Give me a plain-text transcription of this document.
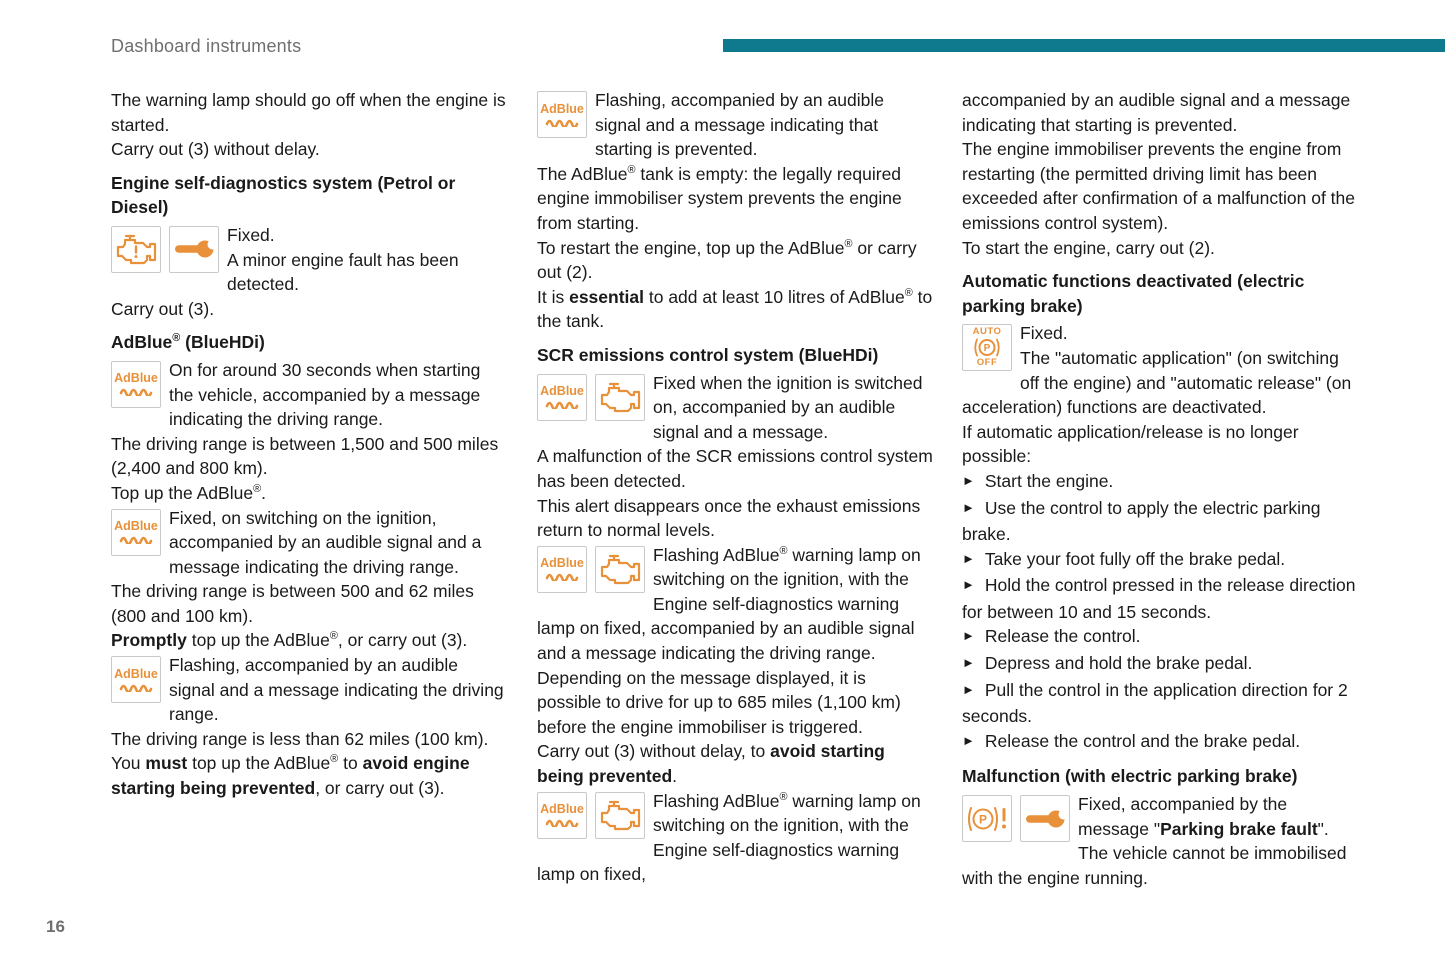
Dashboard instruments
The warning lamp should go off when the engine is started.
Carry out (3) without delay.
Engine self-diagnostics system (Petrol or Diesel)
Fixed.
A minor engine fault has been detected.
Carry out (3).
AdBlue® (BlueHDi)
AdBlue On for around 30 seconds when starting the vehicle, accompanied by a message indicating the driving range.
The driving range is between 1,500 and 500 miles (2,400 and 800 km).
Top up the AdBlue®.
AdBlue Fixed, on switching on the ignition, accompanied by an audible signal and a message indicating the driving range.
The driving range is between 500 and 62 miles (800 and 100 km).
Promptly top up the AdBlue®, or carry out (3).
AdBlue Flashing, accompanied by an audible signal and a message indicating the driving range.
The driving range is less than 62 miles (100 km).
You must top up the AdBlue® to avoid engine starting being prevented, or carry out (3).
AdBlue Flashing, accompanied by an audible signal and a message indicating that starting is prevented.
The AdBlue® tank is empty: the legally required engine immobiliser system prevents the engine from starting.
To restart the engine, top up the AdBlue® or carry out (2).
It is essential to add at least 10 litres of AdBlue® to the tank.
SCR emissions control system (BlueHDi)
AdBlue	Fixed when the ignition is switched on, accompanied by an audible signal and a message.
A malfunction of the SCR emissions control system has been detected.
This alert disappears once the exhaust emissions return to normal levels.
AdBlue	Flashing AdBlue® warning lamp on switching on the ignition, with the Engine self-diagnostics warning lamp on fixed, accompanied by an audible signal and a message indicating the driving range.
Depending on the message displayed, it is possible to drive for up to 685 miles (1,100 km) before the engine immobiliser is triggered.
Carry out (3) without delay, to avoid starting being prevented.
AdBlue	Flashing AdBlue® warning lamp on switching on the ignition, with the Engine self-diagnostics warning lamp on fixed,
accompanied by an audible signal and a message indicating that starting is prevented.
The engine immobiliser prevents the engine from restarting (the permitted driving limit has been exceeded after confirmation of a malfunction of the emissions control system).
To start the engine, carry out (2).
Automatic functions deactivated (electric parking brake)
AUTO
P
OFF
Fixed.
The "automatic application" (on switching off the engine) and "automatic release" (on acceleration) functions are deactivated.
If automatic application/release is no longer possible:
► Start the engine.
► Use the control to apply the electric parking brake.
► Take your foot fully off the brake pedal.
► Hold the control pressed in the release direction for between 10 and 15 seconds.
► Release the control.
► Depress and hold the brake pedal.
► Pull the control in the application direction for 2 seconds.
► Release the control and the brake pedal.
Malfunction (with electric parking brake)
P
Fixed, accompanied by the message "Parking brake fault".
The vehicle cannot be immobilised with the engine running.
16
